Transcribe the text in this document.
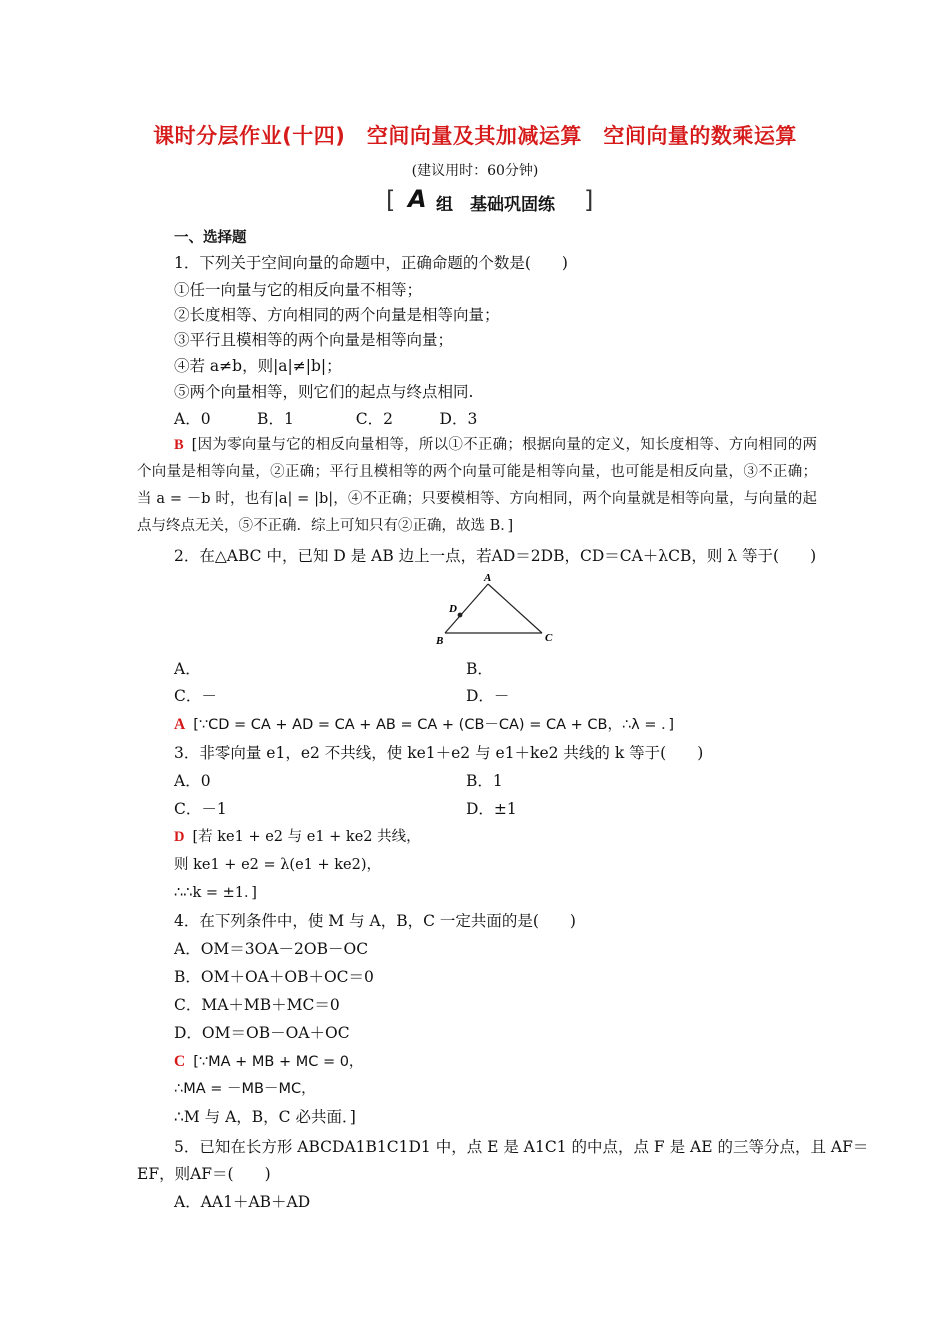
课时分层作业(十四)　空间向量及其加减运算　空间向量的数乘运算
(建议用时：60分钟)
[ A 组　基础巩固练 ]
一、选择题
1．下列关于空间向量的命题中，正确命题的个数是(　　)
①任一向量与它的相反向量不相等；
②长度相等、方向相同的两个向量是相等向量；
③平行且模相等的两个向量是相等向量；
④若 a≠b，则|a|≠|b|；
⑤两个向量相等，则它们的起点与终点相同.
A．0　　　B．1　　　　C．2　　　D．3
B [因为零向量与它的相反向量相等，所以①不正确；根据向量的定义，知长度相等、方向相同的两个向量是相等向量，②正确；平行且模相等的两个向量可能是相等向量，也可能是相反向量，③不正确；当 a = －b 时，也有|a| = |b|，④不正确；只要模相等、方向相同，两个向量就是相等向量，与向量的起点与终点无关，⑤不正确．综上可知只有②正确，故选 B．]
2．在△ABC 中，已知 D 是 AB 边上一点，若AD＝2DB，CD＝CA＋λCB，则 λ 等于(　　)
A
B	C
D
A．	B．
C．－	D．－
A [∵CD = CA + AD = CA + AB = CA + (CB－CA) = CA + CB，∴λ = ．]
3．非零向量 e1，e2 不共线，使 ke1＋e2 与 e1＋ke2 共线的 k 等于(　　)
A．0	B．1
C．－1	D．±1
D [若 ke1 + e2 与 e1 + ke2 共线，
则 ke1 + e2 = λ(e1 + ke2)，
∴∴k = ±1．]
4．在下列条件中，使 M 与 A，B，C 一定共面的是(　　)
A．OM＝3OA－2OB－OC
B．OM＋OA＋OB＋OC＝0
C．MA＋MB＋MC＝0
D．OM＝OB－OA＋OC
C [∵MA + MB + MC = 0，
∴MA = －MB－MC，
∴M 与 A，B，C 必共面．]
5．已知在长方形 ABCDA1B1C1D1 中，点 E 是 A1C1 的中点，点 F 是 AE 的三等分点，且 AF＝
EF，则AF＝(　　)
A．AA1＋AB＋AD
